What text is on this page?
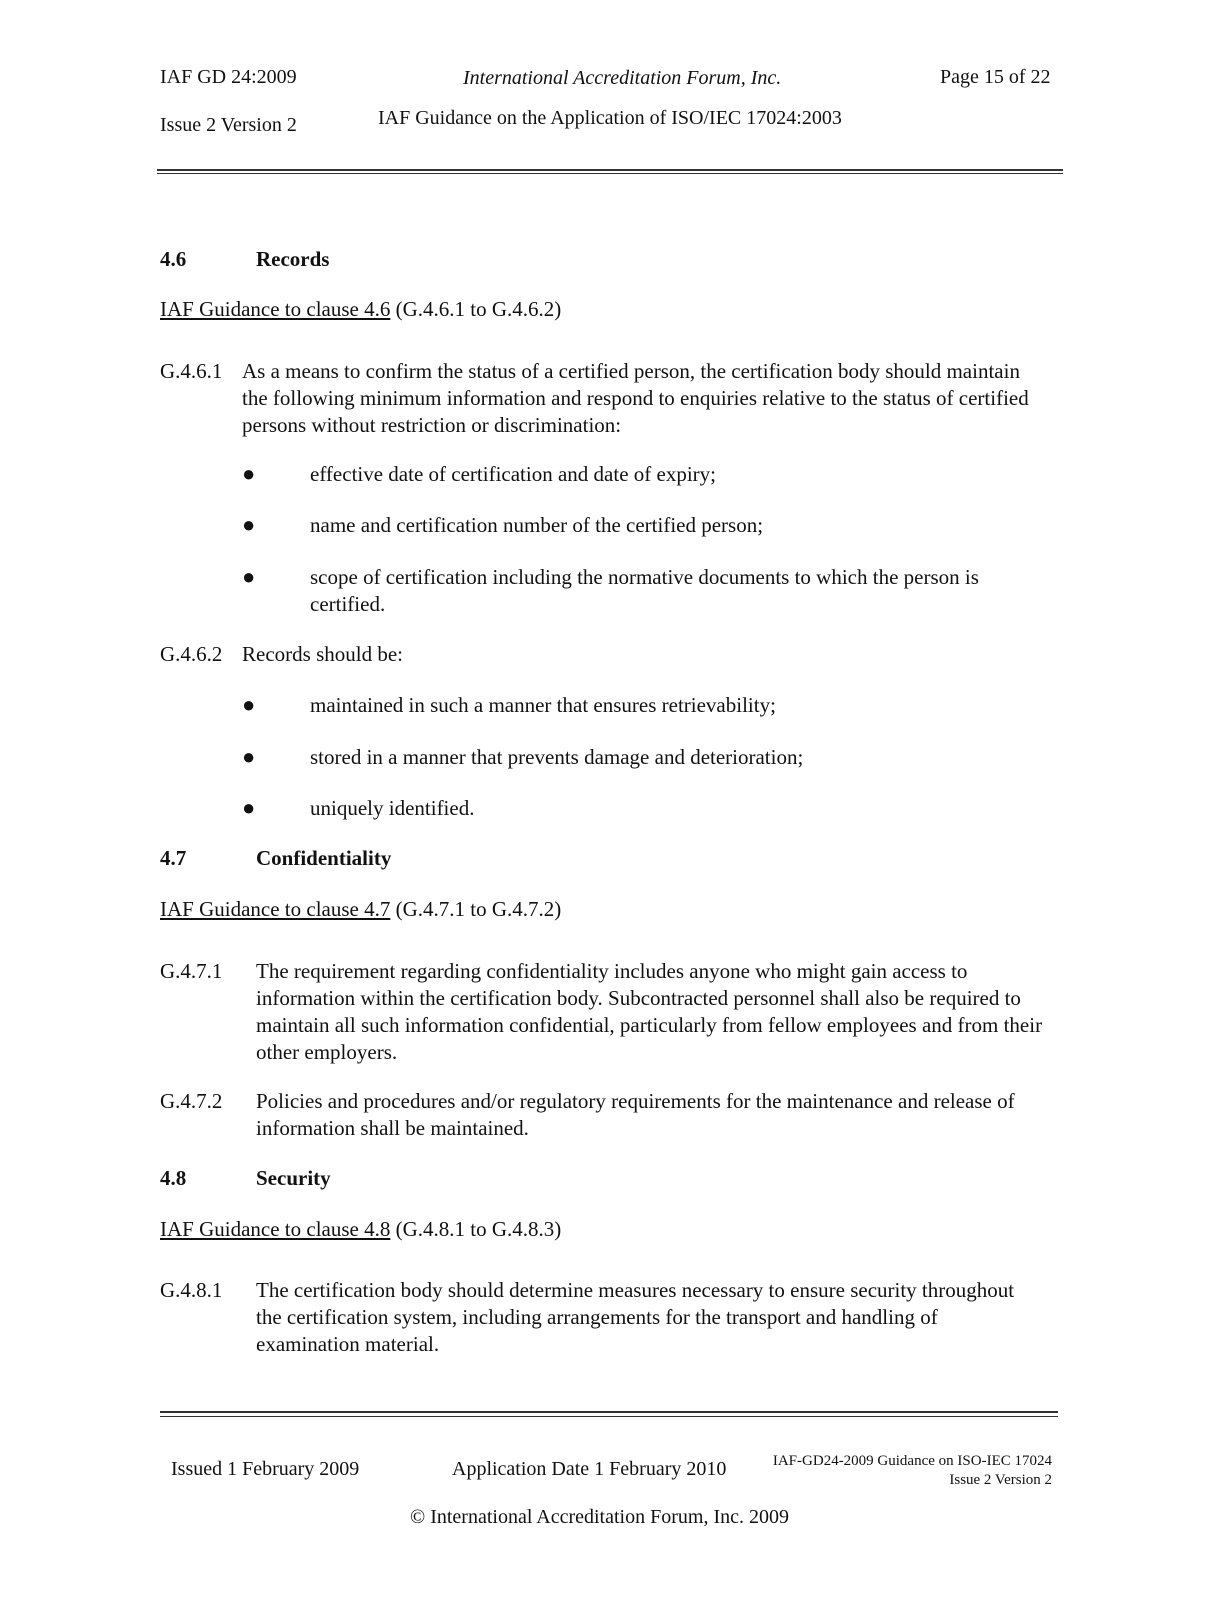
IAF GD 24:2009	International Accreditation Forum, Inc.	Page 15 of 22
Issue 2 Version 2	IAF Guidance on the Application of ISO/IEC 17024:2003
4.6	Records
IAF Guidance to clause 4.6 (G.4.6.1 to G.4.6.2)
G.4.6.1 As a means to confirm the status of a certified person, the certification body should maintain the following minimum information and respond to enquiries relative to the status of certified persons without restriction or discrimination:
●	effective date of certification and date of expiry;
●	name and certification number of the certified person;
●	scope of certification including the normative documents to which the person is certified.
G.4.6.2 Records should be:
●	maintained in such a manner that ensures retrievability;
●	stored in a manner that prevents damage and deterioration;
●	uniquely identified.
4.7	Confidentiality
IAF Guidance to clause 4.7 (G.4.7.1 to G.4.7.2)
G.4.7.1 The requirement regarding confidentiality includes anyone who might gain access to information within the certification body. Subcontracted personnel shall also be required to maintain all such information confidential, particularly from fellow employees and from their other employers.
G.4.7.2 Policies and procedures and/or regulatory requirements for the maintenance and release of information shall be maintained.
4.8	Security
IAF Guidance to clause 4.8 (G.4.8.1 to G.4.8.3)
G.4.8.1 The certification body should determine measures necessary to ensure security throughout the certification system, including arrangements for the transport and handling of examination material.
Issued 1 February 2009	Application Date 1 February 2010	IAF-GD24-2009 Guidance on ISO-IEC 17024
Issue 2 Version 2
© International Accreditation Forum, Inc. 2009
